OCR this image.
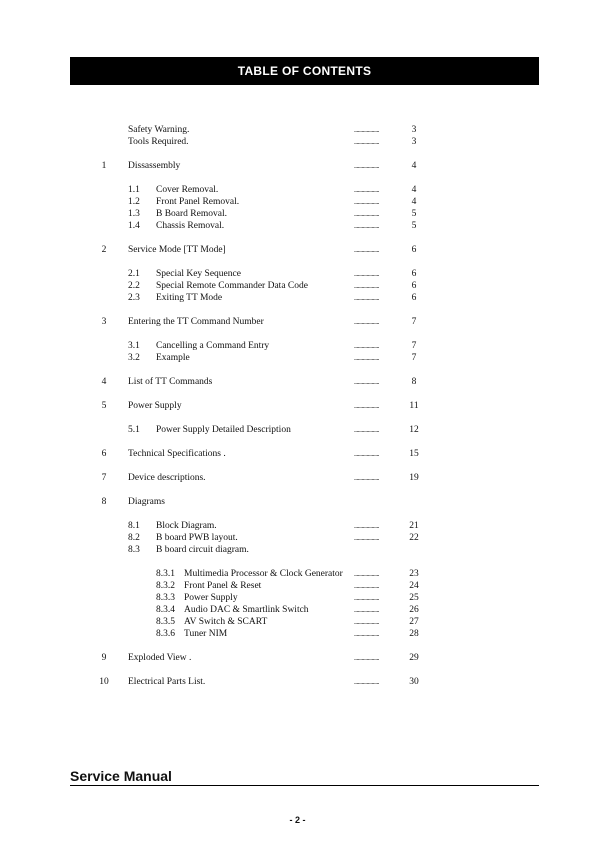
TABLE OF CONTENTS
Safety Warning.	....................	3
Tools Required.	....................	3
1	Dissassembly	....................	4
1.1 Cover Removal.	....................	4
1.2 Front Panel Removal.	....................	4
1.3 B Board Removal.	....................	5
1.4 Chassis Removal.	....................	5
2	Service Mode [TT Mode]	....................	6
2.1 Special Key Sequence	....................	6
2.2 Special Remote Commander Data Code	....................	6
2.3 Exiting TT Mode	....................	6
3	Entering the TT Command Number	....................	7
3.1 Cancelling a Command Entry	....................	7
3.2 Example	....................	7
4	List of TT Commands	....................	8
5	Power Supply	....................	11
5.1 Power Supply Detailed Description	....................	12
6	Technical Specifications .	....................	15
7	Device descriptions.	....................	19
8	Diagrams
8.1 Block Diagram.	....................	21
8.2 B board PWB layout.	....................	22
8.3 B board circuit diagram.
8.3.1 Multimedia Processor & Clock Generator ....................	23
8.3.2 Front Panel & Reset	....................	24
8.3.3 Power Supply	....................	25
8.3.4 Audio DAC & Smartlink Switch	....................	26
8.3.5 AV Switch & SCART	....................	27
8.3.6 Tuner NIM	....................	28
9	Exploded View .	....................	29
10	Electrical Parts List.	....................	30
Service Manual
- 2 -
